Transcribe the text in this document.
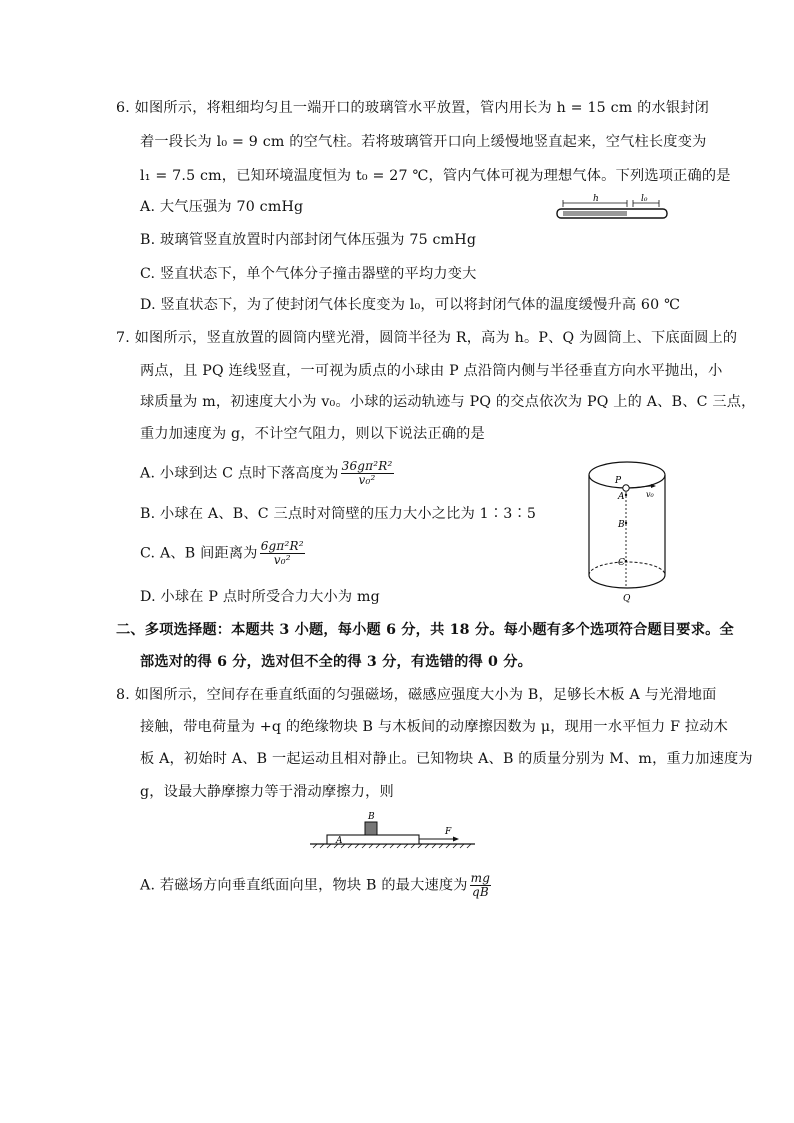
6. 如图所示，将粗细均匀且一端开口的玻璃管水平放置，管内用长为 h = 15 cm 的水银封闭
着一段长为 l₀ = 9 cm 的空气柱。若将玻璃管开口向上缓慢地竖直起来，空气柱长度变为
l₁ = 7.5 cm，已知环境温度恒为 t₀ = 27 ℃，管内气体可视为理想气体。下列选项正确的是
A. 大气压强为 70 cmHg
B. 玻璃管竖直放置时内部封闭气体压强为 75 cmHg
C. 竖直状态下，单个气体分子撞击器壁的平均力变大
D. 竖直状态下，为了使封闭气体长度变为 l₀，可以将封闭气体的温度缓慢升高 60 ℃
h	l₀
7. 如图所示，竖直放置的圆筒内壁光滑，圆筒半径为 R，高为 h。P、Q 为圆筒上、下底面圆上的
两点，且 PQ 连线竖直，一可视为质点的小球由 P 点沿筒内侧与半径垂直方向水平抛出，小
球质量为 m，初速度大小为 v₀。小球的运动轨迹与 PQ 的交点依次为 PQ 上的 A、B、C 三点，
重力加速度为 g，不计空气阻力，则以下说法正确的是
A. 小球到达 C 点时下落高度为 $\frac{\text{36gπ²R²}}{\text{v₀²}}$
B. 小球在 A、B、C 三点时对筒壁的压力大小之比为 1∶3∶5
C. A、B 间距离为 $\frac{\text{6gπ²R²}}{\text{v₀²}}$
D. 小球在 P 点时所受合力大小为 mg
P
A
B
C
Q
v₀
二、多项选择题：本题共 3 小题，每小题 6 分，共 18 分。每小题有多个选项符合题目要求。全
部选对的得 6 分，选对但不全的得 3 分，有选错的得 0 分。
8. 如图所示，空间存在垂直纸面的匀强磁场，磁感应强度大小为 B，足够长木板 A 与光滑地面
接触，带电荷量为 +q 的绝缘物块 B 与木板间的动摩擦因数为 μ，现用一水平恒力 F 拉动木
板 A，初始时 A、B 一起运动且相对静止。已知物块 A、B 的质量分别为 M、m，重力加速度为
g，设最大静摩擦力等于滑动摩擦力，则
A
B
F
A. 若磁场方向垂直纸面向里，物块 B 的最大速度为 $\frac{mg}{qB}$
